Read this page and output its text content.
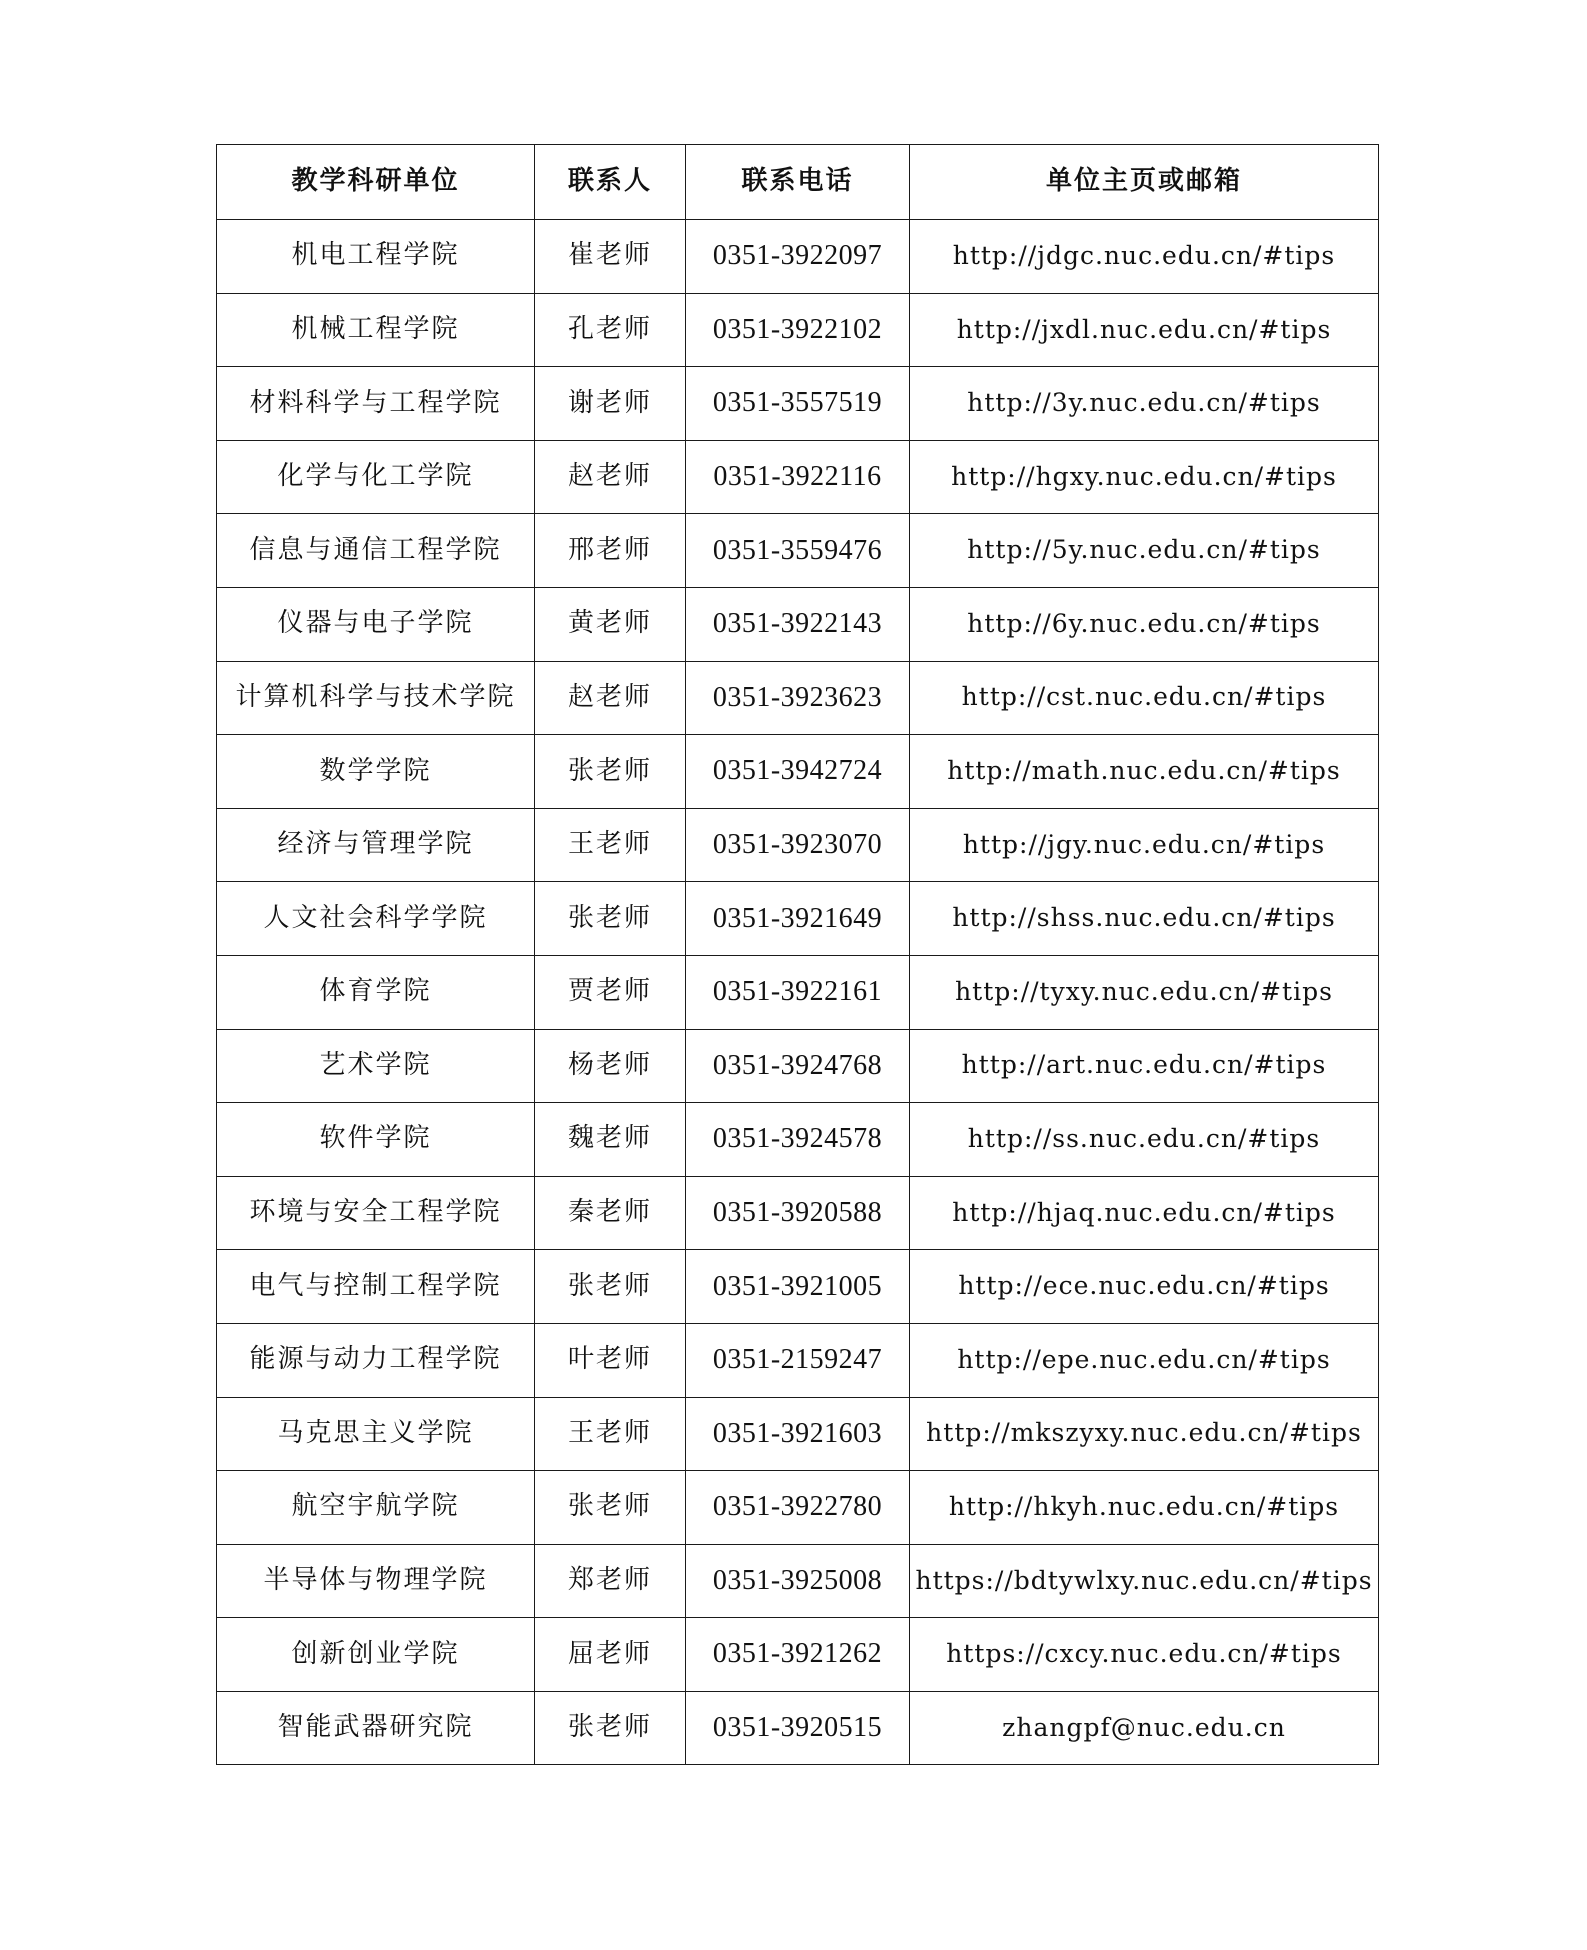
教学科研单位	联系人	联系电话	单位主页或邮箱
机电工程学院	崔老师	0351-3922097	http://jdgc.nuc.edu.cn/#tips
机械工程学院	孔老师	0351-3922102	http://jxdl.nuc.edu.cn/#tips
材料科学与工程学院	谢老师	0351-3557519	http://3y.nuc.edu.cn/#tips
化学与化工学院	赵老师	0351-3922116	http://hgxy.nuc.edu.cn/#tips
信息与通信工程学院	邢老师	0351-3559476	http://5y.nuc.edu.cn/#tips
仪器与电子学院	黄老师	0351-3922143	http://6y.nuc.edu.cn/#tips
计算机科学与技术学院	赵老师	0351-3923623	http://cst.nuc.edu.cn/#tips
数学学院	张老师	0351-3942724	http://math.nuc.edu.cn/#tips
经济与管理学院	王老师	0351-3923070	http://jgy.nuc.edu.cn/#tips
人文社会科学学院	张老师	0351-3921649	http://shss.nuc.edu.cn/#tips
体育学院	贾老师	0351-3922161	http://tyxy.nuc.edu.cn/#tips
艺术学院	杨老师	0351-3924768	http://art.nuc.edu.cn/#tips
软件学院	魏老师	0351-3924578	http://ss.nuc.edu.cn/#tips
环境与安全工程学院	秦老师	0351-3920588	http://hjaq.nuc.edu.cn/#tips
电气与控制工程学院	张老师	0351-3921005	http://ece.nuc.edu.cn/#tips
能源与动力工程学院	叶老师	0351-2159247	http://epe.nuc.edu.cn/#tips
马克思主义学院	王老师	0351-3921603	http://mkszyxy.nuc.edu.cn/#tips
航空宇航学院	张老师	0351-3922780	http://hkyh.nuc.edu.cn/#tips
半导体与物理学院	郑老师	0351-3925008	https://bdtywlxy.nuc.edu.cn/#tips
创新创业学院	屈老师	0351-3921262	https://cxcy.nuc.edu.cn/#tips
智能武器研究院	张老师	0351-3920515	zhangpf@nuc.edu.cn
